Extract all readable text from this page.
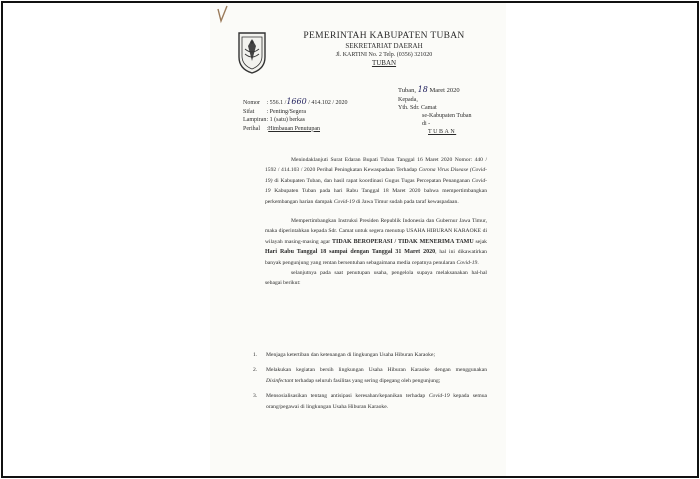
PEMERINTAH KABUPATEN TUBAN
SEKRETARIAT DAERAH
Jl. KARTINI No. 2 Telp. (0356) 321020
TUBAN
Tuban, 18 Maret 2020
Kepada,
Yth. Sdr. Camat
se-Kabupaten Tuban
di -
TUBAN
Nomor : 556.1 /1660 / 414.102 / 2020
Sifat : Penting/Segera
Lampiran : 1 (satu) berkas
Perihal :Himbauan Penutupan

Menindaklanjuti Surat Edaran Bupati Tuban Tanggal 16 Maret 2020 Nomor: 440 / 1592 / 414.103 / 2020 Perihal Peningkatan Kewaspadaan Terhadap Corona Virus Disease (Covid-19) di Kabupaten Tuban, dan hasil rapat koordinasi Gugus Tugas Percepatan Penanganan Covid-19 Kabupaten Tuban pada hari Rabu Tanggal 18 Maret 2020 bahwa mempertimbangkan perkembangan harian dampak Covid-19 di Jawa Timur sudah pada taraf kewaspadaan.

Mempertimbangkan Instruksi Presiden Republik Indonesia dan Gubernur Jawa Timur, maka diperintahkan kepada Sdr. Camat untuk segera menutup USAHA HIBURAN KARAOKE di wilayah masing-masing agar TIDAK BEROPERASI / TIDAK MENERIMA TAMU sejak Hari Rabu Tanggal 18 sampai dengan Tanggal 31 Maret 2020, hal ini dikawatirkan banyak pengunjung yang rentan bersentuhan sebagaimana media cepatnya penularan Covid-19.

selanjutnya pada saat penutupan usaha, pengelola supaya melaksanakan hal-hal sebagai berikut:

1. Menjaga ketertiban dan ketenangan di lingkungan Usaha Hiburan Karaoke;
2. Melakukan kegiatan bersih lingkungan Usaha Hiburan Karaoke dengan menggunakan Disinfectant terhadap seluruh fasilitas yang sering dipegang oleh pengunjung;
3. Mensosialisasikan tentang antisipasi keresahan/kepanikan terhadap Covid-19 kepada semua orang/pegawai di lingkungan Usaha Hiburan Karaoke.
